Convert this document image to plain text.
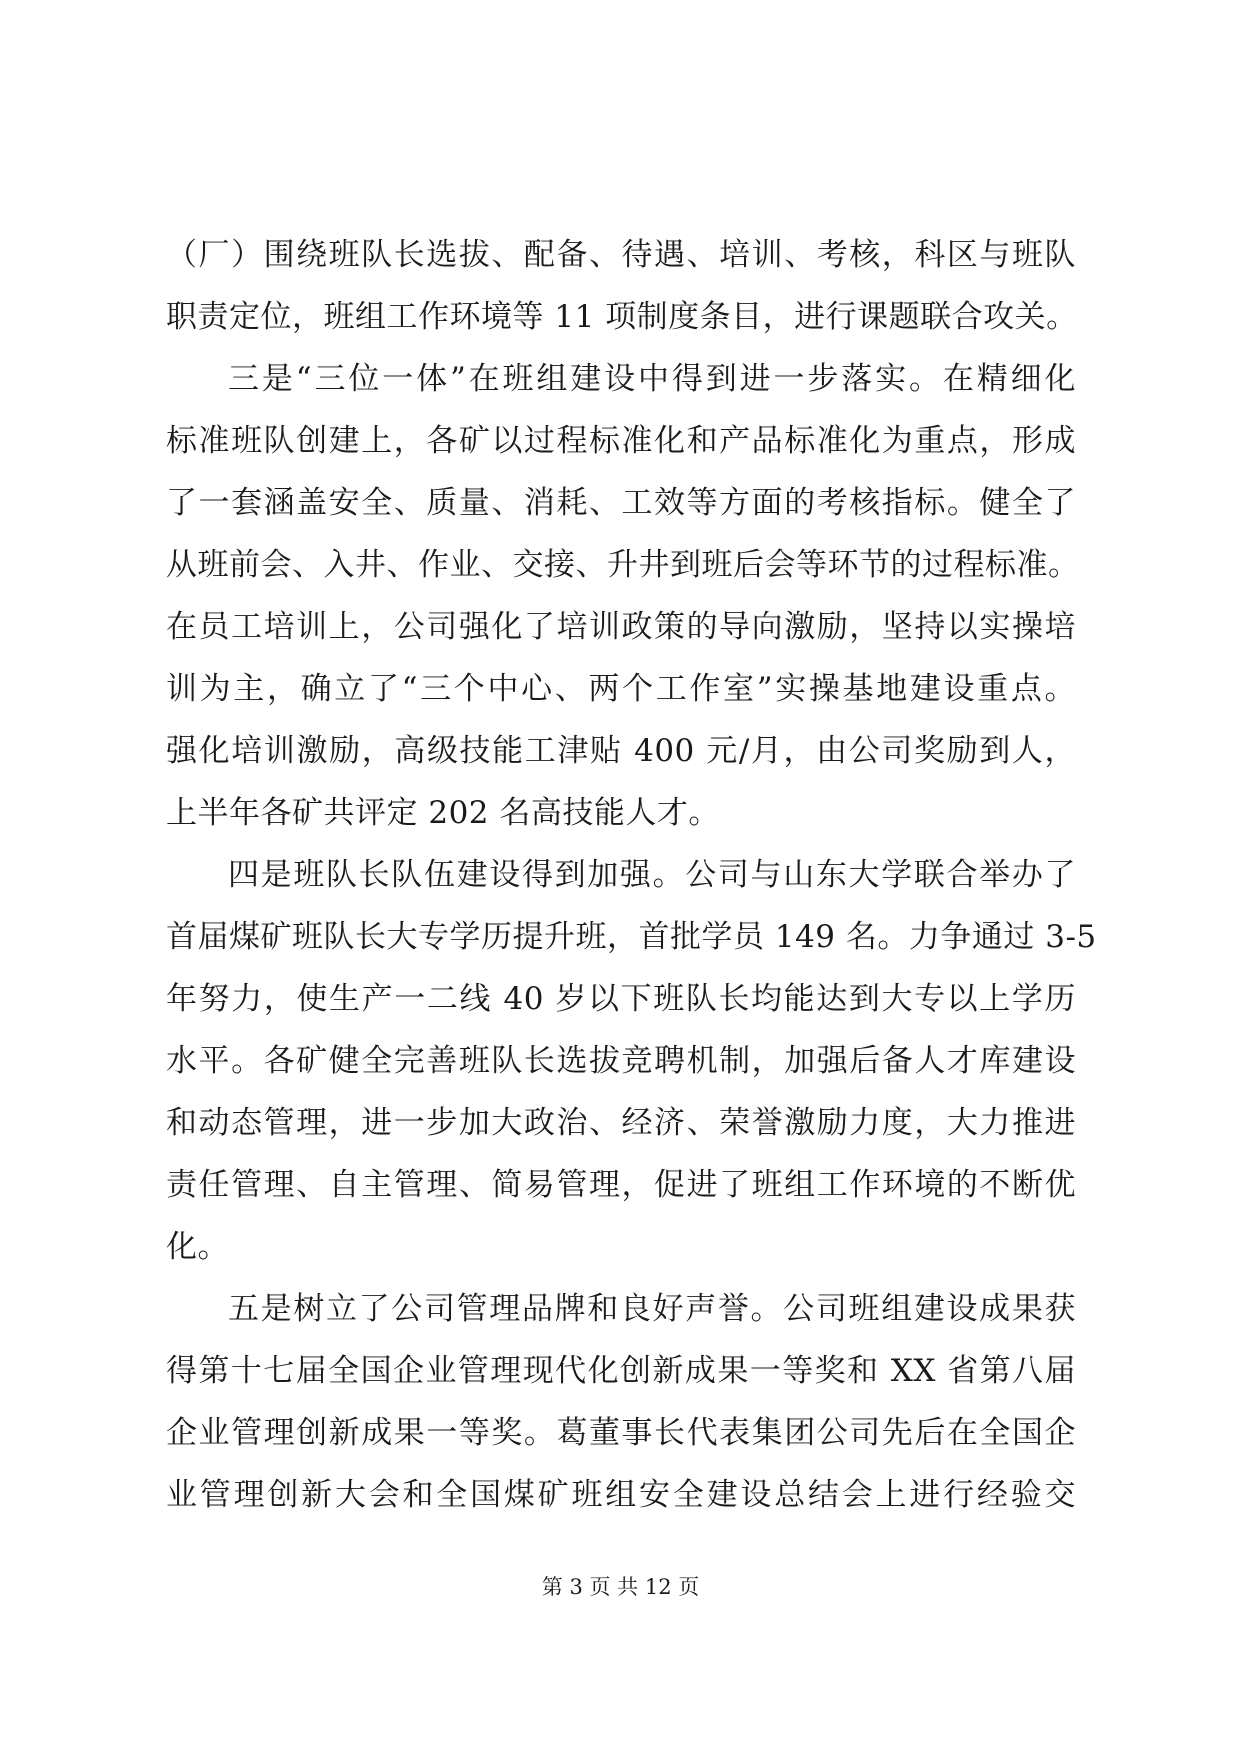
（厂）围绕班队长选拔、配备、待遇、培训、考核，科区与班队
职责定位，班组工作环境等 11 项制度条目，进行课题联合攻关。
三是“三位一体”在班组建设中得到进一步落实。在精细化
标准班队创建上，各矿以过程标准化和产品标准化为重点，形成
了一套涵盖安全、质量、消耗、工效等方面的考核指标。健全了
从班前会、入井、作业、交接、升井到班后会等环节的过程标准。
在员工培训上，公司强化了培训政策的导向激励，坚持以实操培
训为主，确立了“三个中心、两个工作室”实操基地建设重点。
强化培训激励，高级技能工津贴 400 元/月，由公司奖励到人，
上半年各矿共评定 202 名高技能人才。
四是班队长队伍建设得到加强。公司与山东大学联合举办了
首届煤矿班队长大专学历提升班，首批学员 149 名。力争通过 3-5
年努力，使生产一二线 40 岁以下班队长均能达到大专以上学历
水平。各矿健全完善班队长选拔竞聘机制，加强后备人才库建设
和动态管理，进一步加大政治、经济、荣誉激励力度，大力推进
责任管理、自主管理、简易管理，促进了班组工作环境的不断优
化。
五是树立了公司管理品牌和良好声誉。公司班组建设成果获
得第十七届全国企业管理现代化创新成果一等奖和 XX 省第八届
企业管理创新成果一等奖。葛董事长代表集团公司先后在全国企
业管理创新大会和全国煤矿班组安全建设总结会上进行经验交
第 3 页 共 12 页
